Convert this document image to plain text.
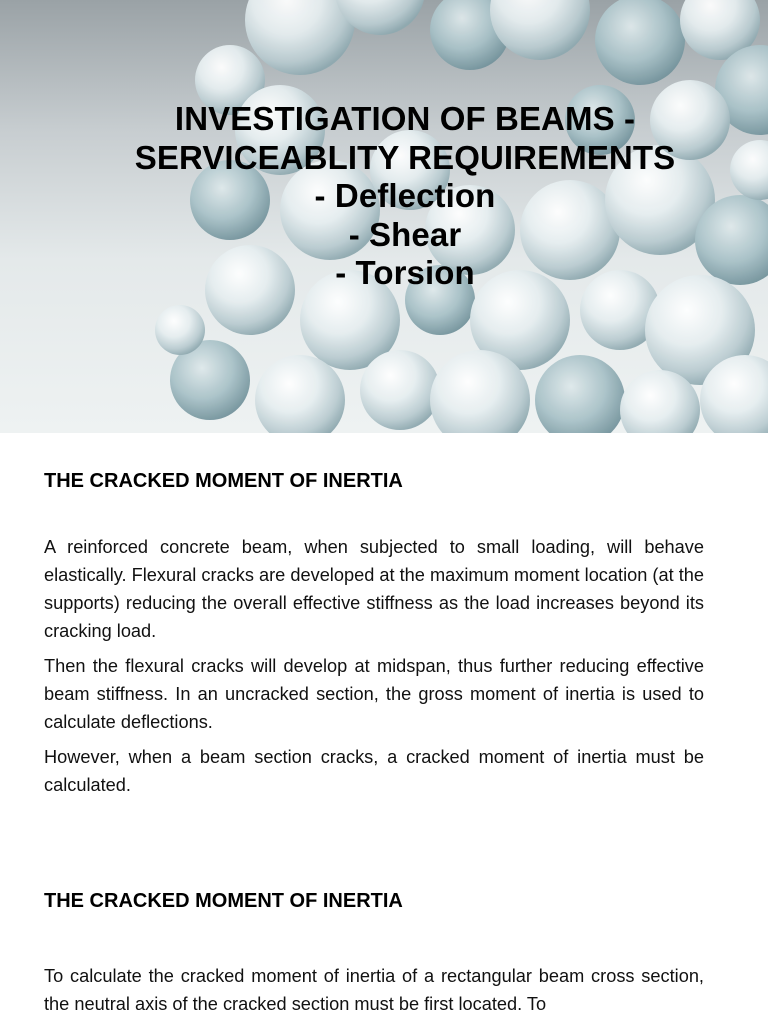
INVESTIGATION OF BEAMS -
SERVICEABLITY REQUIREMENTS
- Deflection
- Shear
- Torsion
THE CRACKED MOMENT OF INERTIA

A reinforced concrete beam, when subjected to small loading, will behave elastically. Flexural cracks are developed at the maximum moment location (at the supports) reducing the overall effective stiffness as the load increases beyond its cracking load.

Then the flexural cracks will develop at midspan, thus further reducing effective beam stiffness. In an uncracked section, the gross moment of inertia is used to calculate deflections.

However, when a beam section cracks, a cracked moment of inertia must be calculated.

THE CRACKED MOMENT OF INERTIA

To calculate the cracked moment of inertia of a rectangular beam cross section, the neutral axis of the cracked section must be first located. To
